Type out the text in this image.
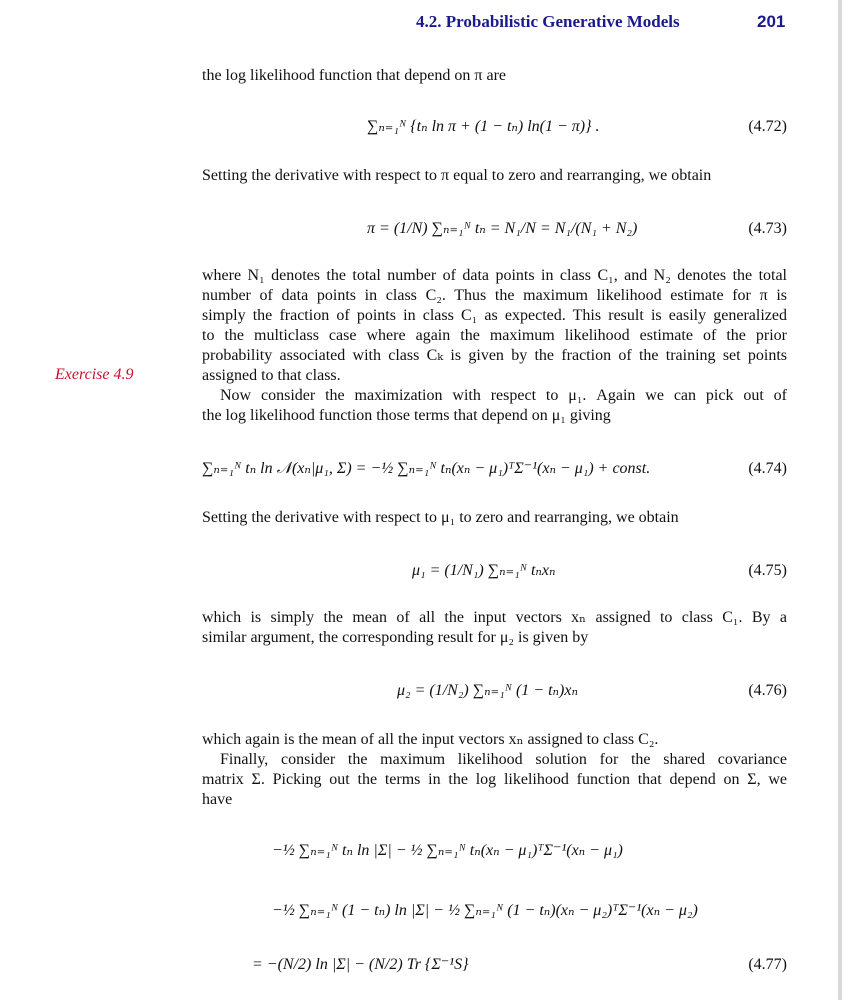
4.2. Probabilistic Generative Models	201
the log likelihood function that depend on π are
∑ₙ₌₁ᴺ {tₙ ln π + (1 − tₙ) ln(1 − π)} .	(4.72)
Setting the derivative with respect to π equal to zero and rearranging, we obtain
π = (1/N) ∑ₙ₌₁ᴺ tₙ = N₁/N = N₁/(N₁ + N₂)	(4.73)
where N₁ denotes the total number of data points in class C₁, and N₂ denotes the total
number of data points in class C₂. Thus the maximum likelihood estimate for π is
simply the fraction of points in class C₁ as expected. This result is easily generalized
to the multiclass case where again the maximum likelihood estimate of the prior
probability associated with class Cₖ is given by the fraction of the training set points
assigned to that class.
Exercise 4.9
Now consider the maximization with respect to μ₁. Again we can pick out of
the log likelihood function those terms that depend on μ₁ giving
∑ₙ₌₁ᴺ tₙ ln 𝒩(xₙ|μ₁, Σ) = −½ ∑ₙ₌₁ᴺ tₙ(xₙ − μ₁)ᵀΣ⁻¹(xₙ − μ₁) + const.	(4.74)
Setting the derivative with respect to μ₁ to zero and rearranging, we obtain
μ₁ = (1/N₁) ∑ₙ₌₁ᴺ tₙxₙ	(4.75)
which is simply the mean of all the input vectors xₙ assigned to class C₁. By a
similar argument, the corresponding result for μ₂ is given by
μ₂ = (1/N₂) ∑ₙ₌₁ᴺ (1 − tₙ)xₙ	(4.76)
which again is the mean of all the input vectors xₙ assigned to class C₂.
Finally, consider the maximum likelihood solution for the shared covariance
matrix Σ. Picking out the terms in the log likelihood function that depend on Σ, we
have
−½ ∑ₙ₌₁ᴺ tₙ ln |Σ| − ½ ∑ₙ₌₁ᴺ tₙ(xₙ − μ₁)ᵀΣ⁻¹(xₙ − μ₁)
−½ ∑ₙ₌₁ᴺ (1 − tₙ) ln |Σ| − ½ ∑ₙ₌₁ᴺ (1 − tₙ)(xₙ − μ₂)ᵀΣ⁻¹(xₙ − μ₂)
= −(N/2) ln |Σ| − (N/2) Tr {Σ⁻¹S}	(4.77)
